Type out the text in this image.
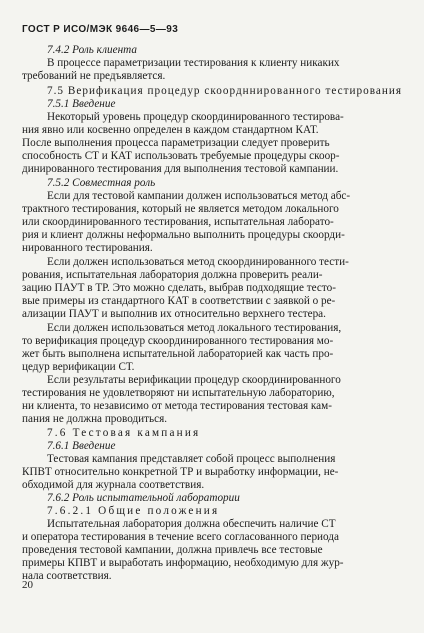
ГОСТ Р ИСО/МЭК 9646—5—93
7.4.2 Роль клиента
В процессе параметризации тестирования к клиенту никаких
требований не предъявляется.
7.5 Верификация процедур скоордннированного тестирования
7.5.1 Введение
Некоторый уровень процедур скоординированного тестирова-
ния явно или косвенно определен в каждом стандартном КАТ.
После выполнения процесса параметризации следует проверить
способность СТ и КАТ использовать требуемые процедуры скоор-
динированного тестирования для выполнения тестовой кампании.
7.5.2 Совместная роль
Если для тестовой кампании должен использоваться метод абс-
трактного тестирования, который не является методом локального
или скоординированного тестирования, испытательная лаборато-
рия и клиент должны неформально выполнить процедуры скоорди-
нированного тестирования.
Если должен использоваться метод скоординированного тести-
рования, испытательная лаборатория должна проверить реали-
зацию ПАУТ в ТР. Это можно сделать, выбрав подходящие тесто-
вые примеры из стандартного КАТ в соответствии с заявкой о ре-
ализации ПАУТ и выполнив их относительно верхнего тестера.
Если должен использоваться метод локального тестирования,
то верификация процедур скоординированного тестирования мо-
жет быть выполнена испытательной лабораторией как часть про-
цедур верификации СТ.
Если результаты верификации процедур скоординированного
тестирования не удовлетворяют ни испытательную лабораторию,
ни клиента, то независимо от метода тестирования тестовая кам-
пания не должна проводиться.
7.6 Тестовая кампания
7.6.1 Введение
Тестовая кампания представляет собой процесс выполнения
КПВТ относительно конкретной ТР и выработку информации, не-
обходимой для журнала соответствия.
7.6.2 Роль испытательной лаборатории
7.6.2.1 Общие положения
Испытательная лаборатория должна обеспечить наличие СТ
и оператора тестирования в течение всего согласованного периода
проведения тестовой кампании, должна привлечь все тестовые
примеры КПВТ и выработать информацию, необходимую для жур-
нала соответствия.
20
